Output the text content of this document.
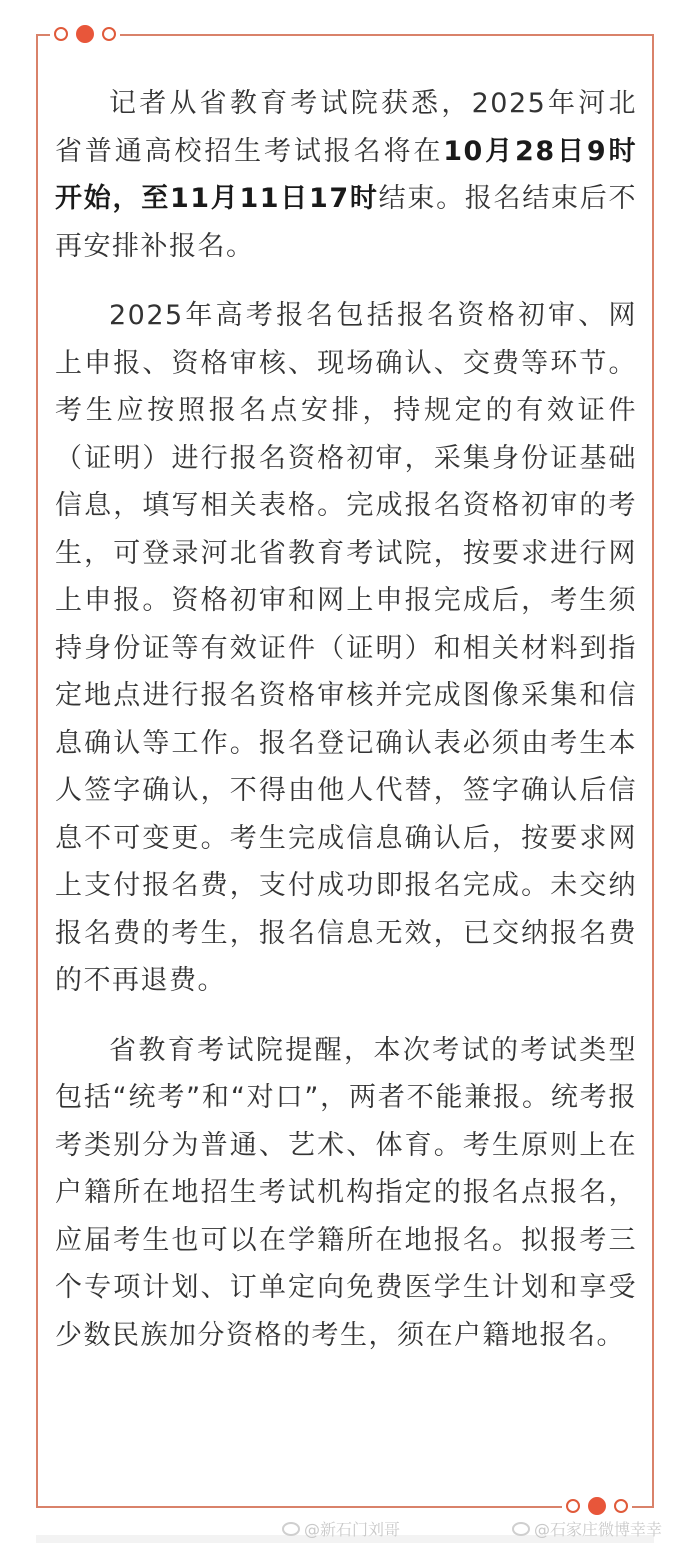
记者从省教育考试院获悉，2025年河北省普通高校招生考试报名将在10月28日9时开始，至11月11日17时结束。报名结束后不再安排补报名。

2025年高考报名包括报名资格初审、网上申报、资格审核、现场确认、交费等环节。考生应按照报名点安排，持规定的有效证件（证明）进行报名资格初审，采集身份证基础信息，填写相关表格。完成报名资格初审的考生，可登录河北省教育考试院，按要求进行网上申报。资格初审和网上申报完成后，考生须持身份证等有效证件（证明）和相关材料到指定地点进行报名资格审核并完成图像采集和信息确认等工作。报名登记确认表必须由考生本人签字确认，不得由他人代替，签字确认后信息不可变更。考生完成信息确认后，按要求网上支付报名费，支付成功即报名完成。未交纳报名费的考生，报名信息无效，已交纳报名费的不再退费。

省教育考试院提醒，本次考试的考试类型包括“统考”和“对口”，两者不能兼报。统考报考类别分为普通、艺术、体育。考生原则上在户籍所在地招生考试机构指定的报名点报名，应届考生也可以在学籍所在地报名。拟报考三个专项计划、订单定向免费医学生计划和享受少数民族加分资格的考生，须在户籍地报名。

@新石门刘哥	@石家庄微博幸幸
